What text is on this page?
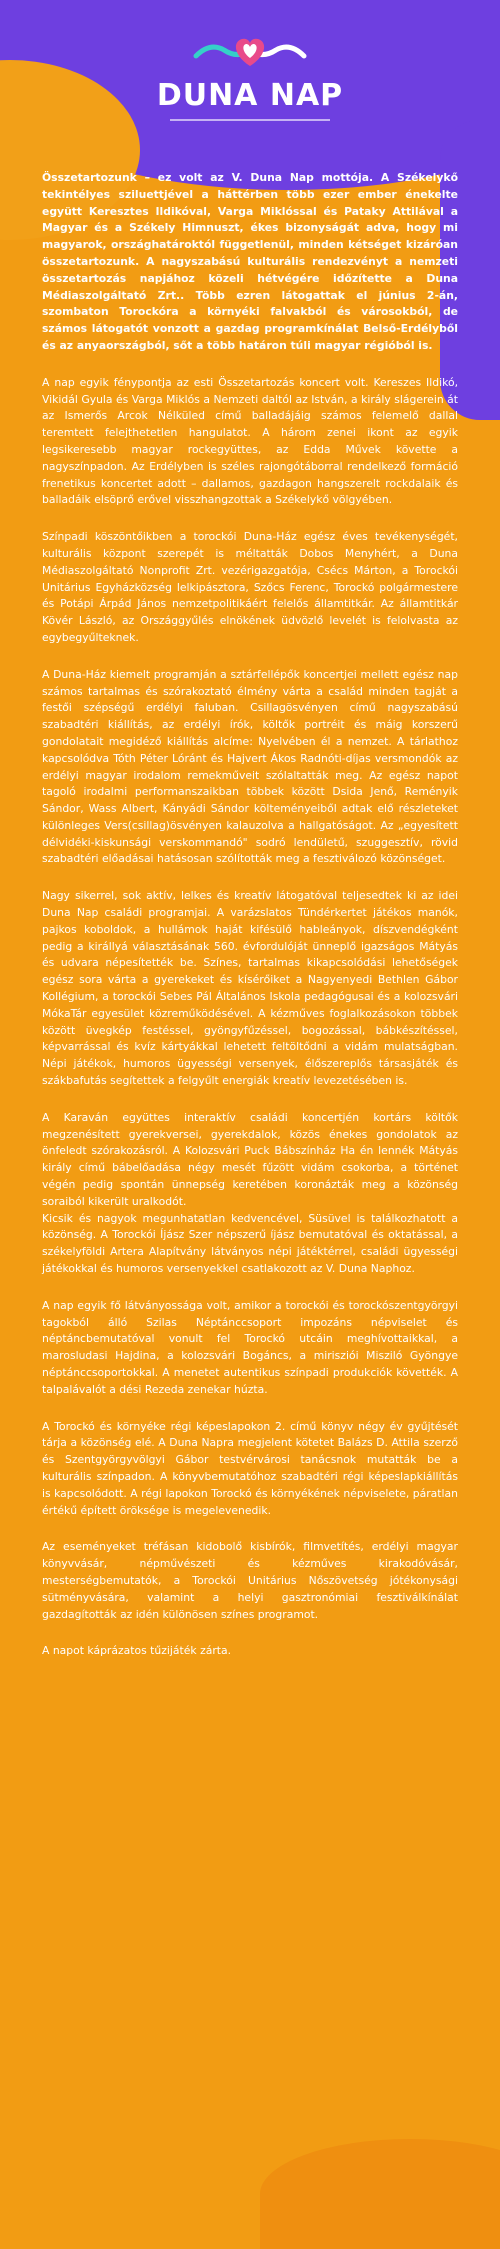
DUNA NAP

Összetartozunk – ez volt az V. Duna Nap mottója. A Székelykő tekintélyes sziluettjével a háttérben több ezer ember énekelte együtt Keresztes Ildikóval, Varga Miklóssal és Pataky Attilával a Magyar és a Székely Himnuszt, ékes bizonyságát adva, hogy mi magyarok, országhatároktól függetlenül, minden kétséget kizáróan összetartozunk. A nagyszabású kulturális rendezvényt a nemzeti összetartozás napjához közeli hétvégére időzítette a Duna Médiaszolgáltató Zrt.. Több ezren látogattak el június 2-án, szombaton Torockóra a környéki falvakból és városokból, de számos látogatót vonzott a gazdag programkínálat Belső-Erdélyből és az anyaországból, sőt a több határon túli magyar régióból is.

A nap egyik fénypontja az esti Összetartozás koncert volt. Kereszes Ildikó, Vikidál Gyula és Varga Miklós a Nemzeti daltól az István, a király slágerein át az Ismerős Arcok Nélküled című balladájáig számos felemelő dallal teremtett felejthetetlen hangulatot. A három zenei ikont az egyik legsikeresebb magyar rockegyüttes, az Edda Művek követte a nagyszínpadon. Az Erdélyben is széles rajongótáborral rendelkező formáció frenetikus koncertet adott – dallamos, gazdagon hangszerelt rockdalaik és balladáik elsöprő erővel visszhangzottak a Székelykő völgyében.

Színpadi köszöntőikben a torockói Duna-Ház egész éves tevékenységét, kulturális központ szerepét is méltatták Dobos Menyhért, a Duna Médiaszolgáltató Nonprofit Zrt. vezérigazgatója, Csécs Márton, a Torockói Unitárius Egyházközség lelkipásztora, Szőcs Ferenc, Torockó polgármestere és Potápi Árpád János nemzetpolitikáért felelős államtitkár. Az államtitkár Kövér László, az Országgyűlés elnökének üdvözlő levelét is felolvasta az egybegyűlteknek.

A Duna-Ház kiemelt programján a sztárfellépők koncertjei mellett egész nap számos tartalmas és szórakoztató élmény várta a család minden tagját a festői szépségű erdélyi faluban. Csillagösvényen című nagyszabású szabadtéri kiállítás, az erdélyi írók, költők portréit és máig korszerű gondolatait megidéző kiállítás alcíme: Nyelvében él a nemzet. A tárlathoz kapcsolódva Tóth Péter Lóránt és Hajvert Ákos Radnóti-díjas versmondók az erdélyi magyar irodalom remekműveit szólaltatták meg. Az egész napot tagoló irodalmi performanszaikban többek között Dsida Jenő, Reményik Sándor, Wass Albert, Kányádi Sándor költeményeiből adtak elő részleteket különleges Vers(csillag)ösvényen kalauzolva a hallgatóságot. Az „egyesített délvidéki-kiskunsági verskommandó" sodró lendületű, szuggesztív, rövid szabadtéri előadásai hatásosan szólították meg a fesztiválozó közönséget.

Nagy sikerrel, sok aktív, lelkes és kreatív látogatóval teljesedtek ki az idei Duna Nap családi programjai. A varázslatos Tündérkertet játékos manók, pajkos koboldok, a hullámok haját kifésülő hableányok, díszvendégként pedig a királlyá választásának 560. évfordulóját ünneplő igazságos Mátyás és udvara népesítették be. Színes, tartalmas kikapcsolódási lehetőségek egész sora várta a gyerekeket és kísérőiket a Nagyenyedi Bethlen Gábor Kollégium, a torockói Sebes Pál Általános Iskola pedagógusai és a kolozsvári MókaTár egyesület közreműködésével. A kézműves foglalkozásokon többek között üvegkép festéssel, gyöngyfűzéssel, bogozással, bábkészítéssel, képvarrással és kvíz kártyákkal lehetett feltöltődni a vidám mulatságban. Népi játékok, humoros ügyességi versenyek, élőszereplős társasjáték és szákbafutás segítettek a felgyűlt energiák kreatív levezetésében is.

A Karaván együttes interaktív családi koncertjén kortárs költők megzenésített gyerekversei, gyerekdalok, közös énekes gondolatok az önfeledt szórakozásról. A Kolozsvári Puck Bábszínház Ha én lennék Mátyás király című bábelőadása négy mesét fűzött vidám csokorba, a történet végén pedig spontán ünnepség keretében koronázták meg a közönség soraiból kikerült uralkodót.

Kicsik és nagyok megunhatatlan kedvencével, Süsüvel is találkozhatott a közönség. A Torockói Íjász Szer népszerű íjász bemutatóval és oktatással, a székelyföldi Artera Alapítvány látványos népi játéktérrel, családi ügyességi játékokkal és humoros versenyekkel csatlakozott az V. Duna Naphoz.

A nap egyik fő látványossága volt, amikor a torockói és torockószentgyörgyi tagokból álló Szilas Néptánccsoport impozáns népviselet és néptáncbemutatóval vonult fel Torockó utcáin meghívottaikkal, a marosludasi Hajdina, a kolozsvári Bogáncs, a mirisziói Misziló Gyöngye néptánccsoportokkal. A menetet autentikus színpadi produkciók követték. A talpalávalót a dési Rezeda zenekar húzta.

A Torockó és környéke régi képeslapokon 2. című könyv négy év gyűjtését tárja a közönség elé. A Duna Napra megjelent kötetet Balázs D. Attila szerző és Szentgyörgyvölgyi Gábor testvérvárosi tanácsnok mutatták be a kulturális színpadon. A könyvbemutatóhoz szabadtéri régi képeslapkiállítás is kapcsolódott. A régi lapokon Torockó és környékének népviselete, páratlan értékű épített öröksége is megelevenedik.

Az eseményeket tréfásan kidobolő kisbírók, filmvetítés, erdélyi magyar könyvvásár, népművészeti és kézműves kirakodóvásár, mesterségbemutatók, a Torockói Unitárius Nőszövetség jótékonysági sütményvására, valamint a helyi gasztronómiai fesztiválkínálat gazdagították az idén különösen színes programot.

A napot káprázatos tűzijáték zárta.
